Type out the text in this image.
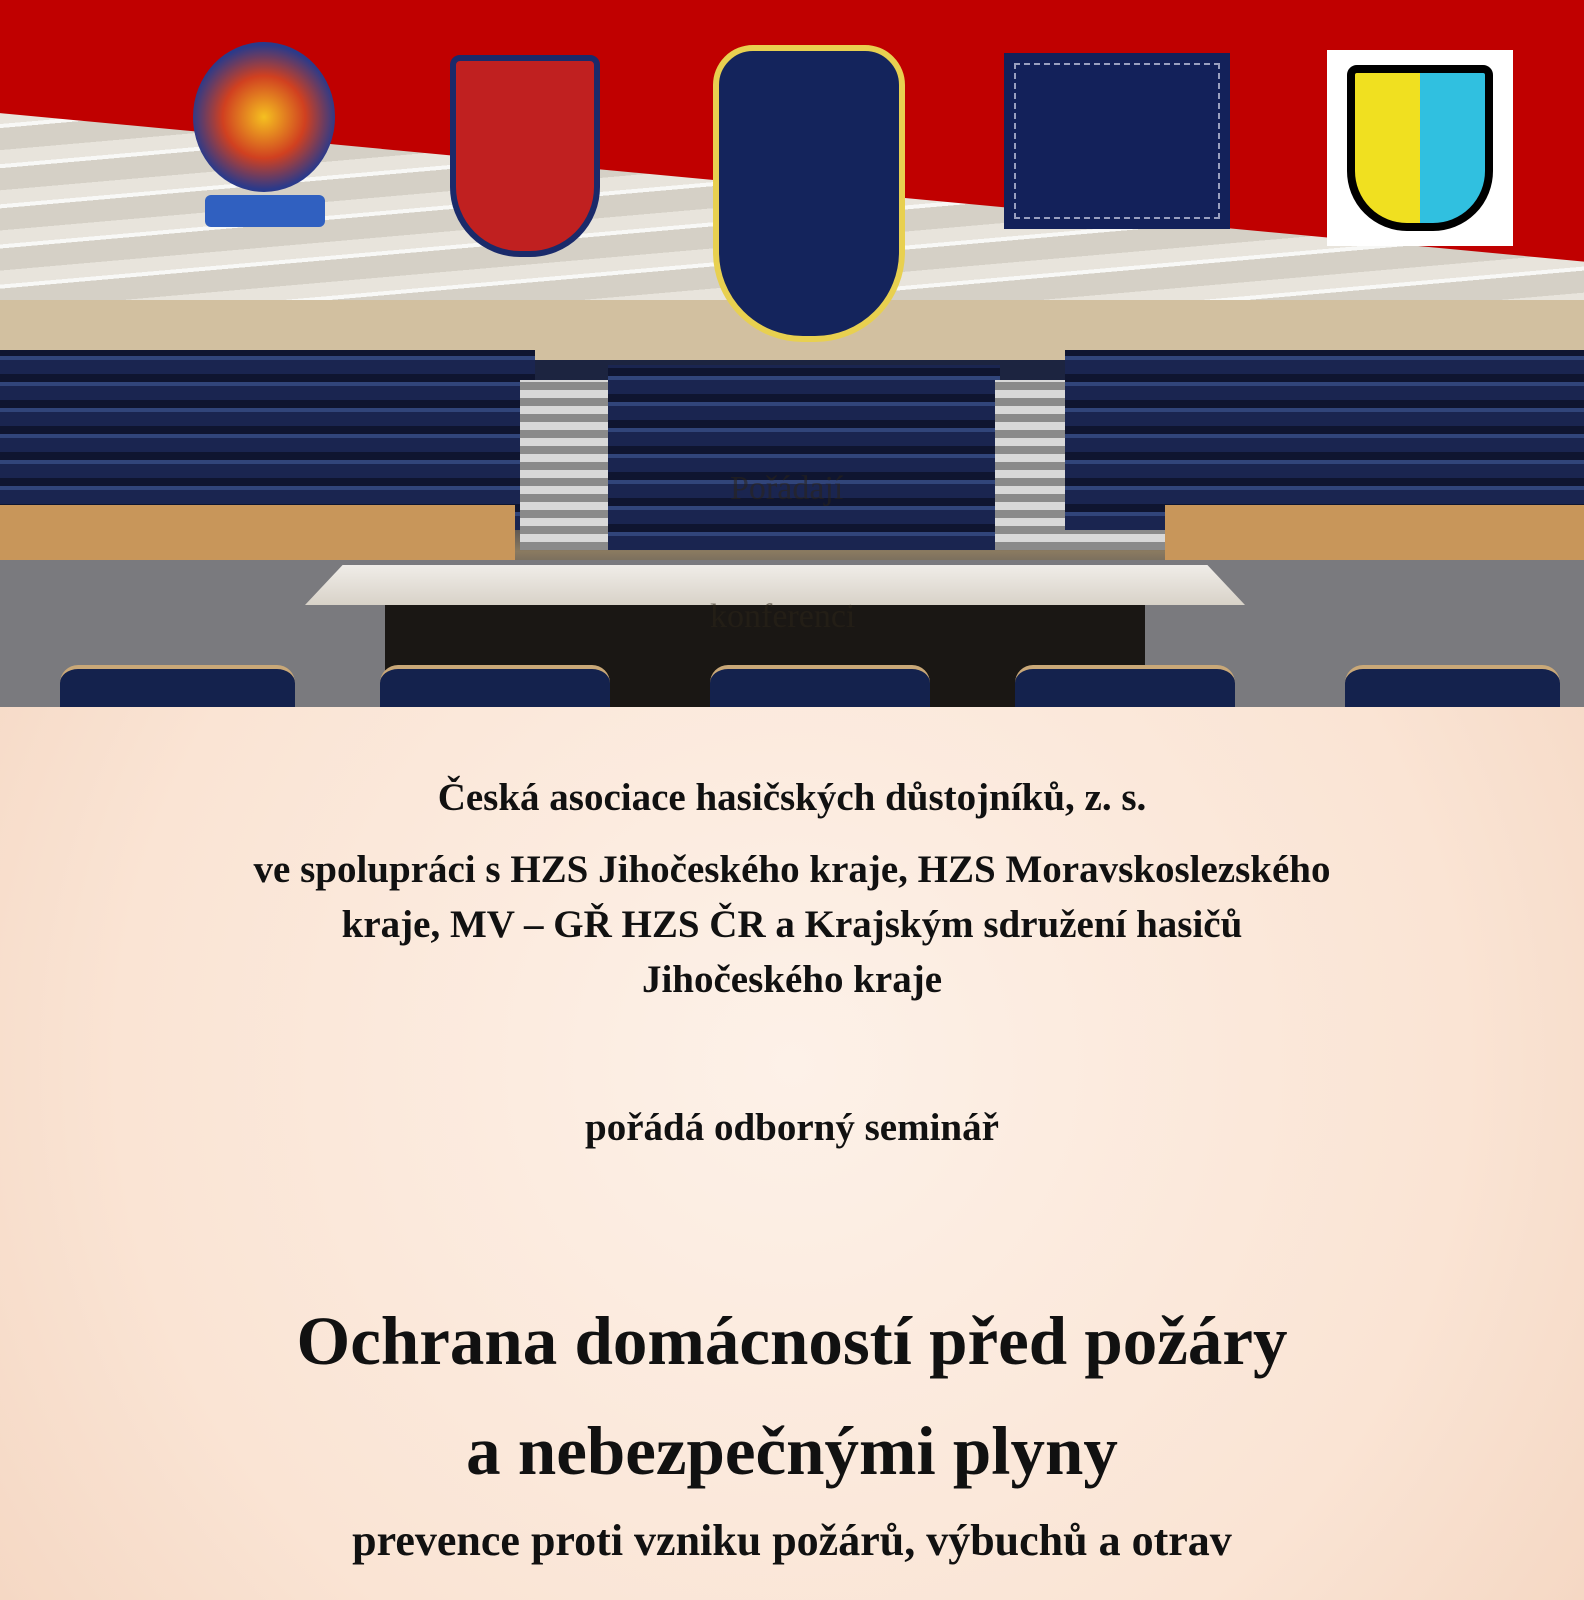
Pořádají
konferenci
Česká asociace hasičských důstojníků, z. s.
ve spolupráci s HZS Jihočeského kraje, HZS Moravskoslezského
kraje, MV – GŘ HZS ČR a Krajským sdružení hasičů
Jihočeského kraje
pořádá odborný seminář
Ochrana domácností před požáry
a nebezpečnými plyny
prevence proti vzniku požárů, výbuchů a otrav
